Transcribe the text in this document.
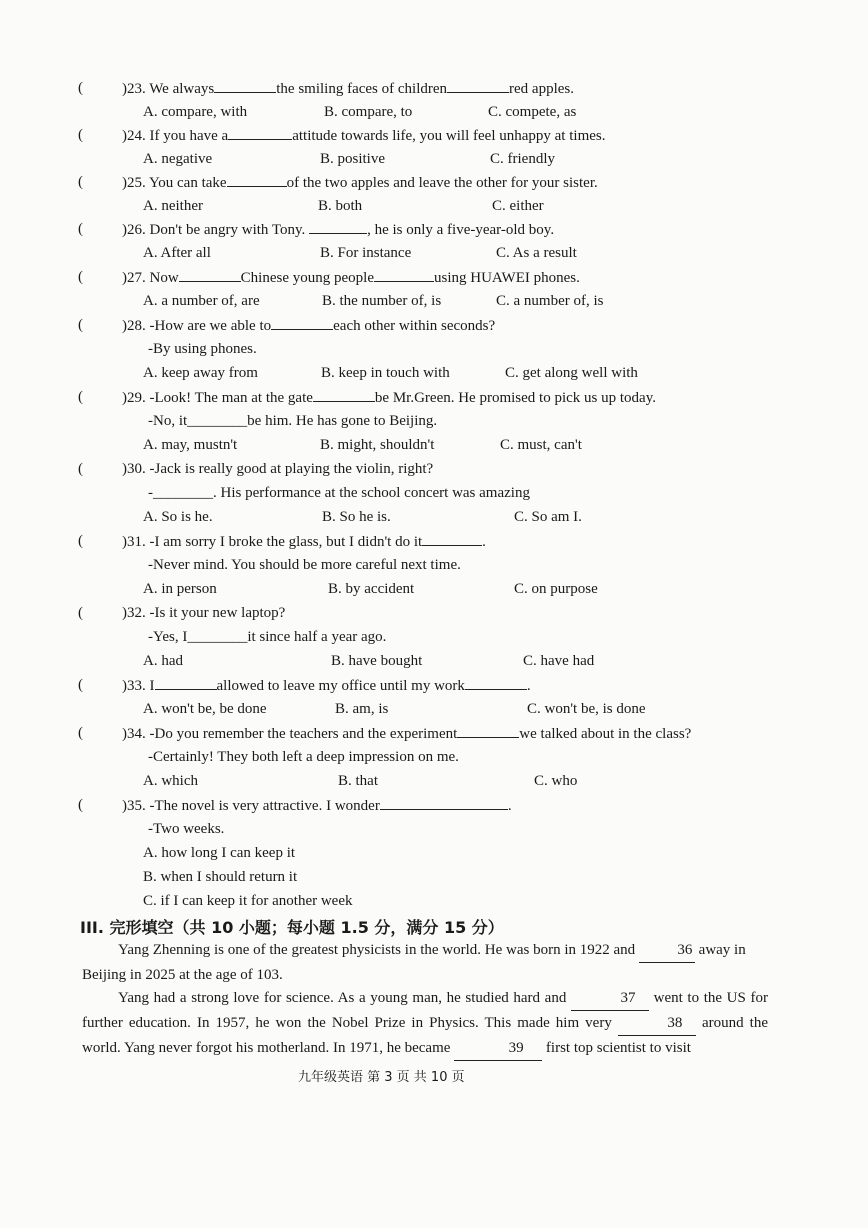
(	)23. We always	the smiling faces of children	red apples.
A. compare, with	B. compare, to	C. compete, as
(	)24. If you have a	attitude towards life, you will feel unhappy at times.
A. negative	B. positive	C. friendly
(	)25. You can take	of the two apples and leave the other for your sister.
A. neither	B. both	C. either
(	)26. Don't be angry with Tony.	, he is only a five-year-old boy.
A. After all	B. For instance	C. As a result
(	)27. Now	Chinese young people	using HUAWEI phones.
A. a number of, are	B. the number of, is	C. a number of, is
(	)28. -How are we able to	each other within seconds?
-By using phones.
A. keep away from	B. keep in touch with	C. get along well with
(	)29. -Look! The man at the gate	be Mr.Green. He promised to pick us up today.
-No, it________be him. He has gone to Beijing.
A. may, mustn't	B. might, shouldn't	C. must, can't
(	)30. -Jack is really good at playing the violin, right?
-________. His performance at the school concert was amazing
A. So is he.	B. So he is.	C. So am I.
(	)31. -I am sorry I broke the glass, but I didn't do it	.
-Never mind. You should be more careful next time.
A. in person	B. by accident	C. on purpose
(	)32. -Is it your new laptop?
-Yes, I________it since half a year ago.
A. had	B. have bought	C. have had
(	)33. I	allowed to leave my office until my work	.
A. won't be, be done	B. am, is	C. won't be, is done
(	)34. -Do you remember the teachers and the experiment	we talked about in the class?
-Certainly! They both left a deep impression on me.
A. which	B. that	C. who
(	)35. -The novel is very attractive. I wonder	.
-Two weeks.
A. how long I can keep it
B. when I should return it
C. if I can keep it for another week
III. 完形填空（共 10 小题；每小题 1.5 分，满分 15 分）
Yang Zhenning is one of the greatest physicists in the world. He was born in 1922 and	36 away in Beijing in 2025 at the age of 103.
Yang had a strong love for science. As a young man, he studied hard and	37 went to the US for further education. In 1957, he won the Nobel Prize in Physics. This made him very	38 around the world. Yang never forgot his motherland. In 1971, he became	39 first top scientist to visit
九年级英语 第 3 页 共 10 页
